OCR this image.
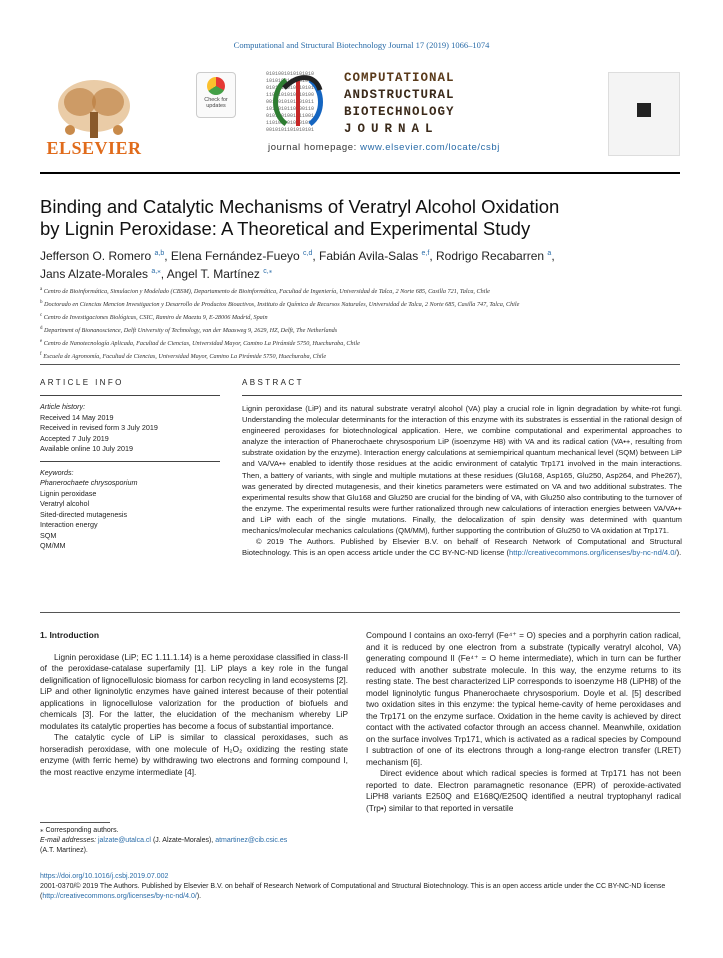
Computational and Structural Biotechnology Journal 17 (2019) 1066–1074
ELSEVIER
Check for updates
0101001010101010
1010100110101011
0101011010010101
1100101010110100
0011010101001011
1010010110100110
0101101001011001
1101010010101010
0010101101010101
COMPUTATIONAL
ANDSTRUCTURAL
BIOTECHNOLOGY
JOURNAL
journal homepage: www.elsevier.com/locate/csbj
Binding and Catalytic Mechanisms of Veratryl Alcohol Oxidation
by Lignin Peroxidase: A Theoretical and Experimental Study
Jefferson O. Romero $^{a,b}$, Elena Fernández-Fueyo $^{c,d}$, Fabián Avila-Salas $^{e,f}$, Rodrigo Recabarren $^a$,
Jans Alzate-Morales $^{a,⁎}$, Angel T. Martínez $^{c,⁎}$
$^a$ Centro de Bioinformática, Simulacion y Modelado (CBSM), Departamento de Bioinformática, Facultad de Ingeniería, Universidad de Talca, 2 Norte 685, Casilla 721, Talca, Chile
$^b$ Doctorado en Ciencias Mencion Investigacion y Desarrollo de Productos Bioactivos, Instituto de Química de Recursos Naturales, Universidad de Talca, 2 Norte 685, Casilla 747, Talca, Chile
$^c$ Centro de Investigaciones Biológicas, CSIC, Ramiro de Maeztu 9, E-28006 Madrid, Spain
$^d$ Department of Bionanoscience, Delft University of Technology, van der Maasweg 9, 2629, HZ, Delft, The Netherlands
$^e$ Centro de Nanotecnología Aplicada, Facultad de Ciencias, Universidad Mayor, Camino La Pirámide 5750, Huechuraba, Chile
$^f$ Escuela de Agronomía, Facultad de Ciencias, Universidad Mayor, Camino La Pirámide 5750, Huechuraba, Chile
ARTICLE INFO
Article history:
Received 14 May 2019
Received in revised form 3 July 2019
Accepted 7 July 2019
Available online 10 July 2019
Keywords:
Phanerochaete chrysosporium
Lignin peroxidase
Veratryl alcohol
Sited-directed mutagenesis
Interaction energy
SQM
QM/MM
ABSTRACT
Lignin peroxidase (LiP) and its natural substrate veratryl alcohol (VA) play a crucial role in lignin degradation by white-rot fungi. Understanding the molecular determinants for the interaction of this enzyme with its substrates is essential in the rational design of engineered peroxidases for biotechnological application. Here, we combine computational and experimental approaches to analyze the interaction of Phanerochaete chrysosporium LiP (isoenzyme H8) with VA and its radical cation (VA•+, resulting from substrate oxidation by the enzyme). Interaction energy calculations at semiempirical quantum mechanical level (SQM) between LiP and VA/VA•+ enabled to identify those residues at the acidic environment of catalytic Trp171 involved in the main interactions. Then, a battery of variants, with single and multiple mutations at these residues (Glu168, Asp165, Glu250, Asp264, and Phe267), was generated by directed mutagenesis, and their kinetics parameters were estimated on VA and two additional substrates. The experimental results show that Glu168 and Glu250 are crucial for the binding of VA, with Glu250 also contributing to the turnover of the enzyme. The experimental results were further rationalized through new calculations of interaction energies between VA/VA•+ and LiP with each of the single mutations. Finally, the delocalization of spin density was determined with quantum mechanics/molecular mechanics calculations (QM/MM), further supporting the contribution of Glu250 to VA oxidation at Trp171.
© 2019 The Authors. Published by Elsevier B.V. on behalf of Research Network of Computational and Structural Biotechnology. This is an open access article under the CC BY-NC-ND license (http://creativecommons.org/licenses/by-nc-nd/4.0/).
1. Introduction

Lignin peroxidase (LiP; EC 1.11.1.14) is a heme peroxidase classified in class-II of the peroxidase-catalase superfamily [1]. LiP plays a key role in the fungal delignification of lignocellulosic biomass for carbon recycling in land ecosystems [2]. LiP and other ligninolytic enzymes have gained interest because of their potential applications in lignocellulose valorization for the production of biofuels and chemicals [3]. For the latter, the elucidation of the mechanism whereby LiP modulates its catalytic properties has become a focus of substantial importance.

The catalytic cycle of LiP is similar to classical peroxidases, such as horseradish peroxidase, with one molecule of H₂O₂ oxidizing the resting state enzyme (with ferric heme) by withdrawing two electrons and forming compound I, the most reactive enzyme intermediate [4].

Compound I contains an oxo-ferryl (Fe⁴⁺ = O) species and a porphyrin cation radical, and it is reduced by one electron from a substrate (typically veratryl alcohol, VA) generating compound II (Fe⁴⁺ = O heme intermediate), which in turn can be further reduced with another substrate molecule. In this way, the enzyme returns to its resting state. The best characterized LiP corresponds to isoenzyme H8 (LiPH8) of the model ligninolytic fungus Phanerochaete chrysosporium. Doyle et al. [5] described two oxidation sites in this enzyme: the typical heme-cavity of heme peroxidases and the Trp171 on the enzyme surface. Oxidation in the heme cavity is achieved by direct contact with the activated cofactor through an access channel. Meanwhile, oxidation on the surface involves Trp171, which is activated as a radical species by Compound I subtraction of one of its electrons through a long-range electron transfer (LRET) mechanism [6].

Direct evidence about which radical species is formed at Trp171 has not been reported to date. Electron paramagnetic resonance (EPR) of peroxide-activated LiPH8 variants E250Q and E168Q/E250Q identified a neutral tryptophanyl radical (Trp•) similar to that reported in versatile

⁎ Corresponding authors.
E-mail addresses: jalzate@utalca.cl (J. Alzate-Morales), atmartinez@cib.csic.es
(A.T. Martínez).
https://doi.org/10.1016/j.csbj.2019.07.002
2001-0370/© 2019 The Authors. Published by Elsevier B.V. on behalf of Research Network of Computational and Structural Biotechnology. This is an open access article under the CC BY-NC-ND license (http://creativecommons.org/licenses/by-nc-nd/4.0/).
